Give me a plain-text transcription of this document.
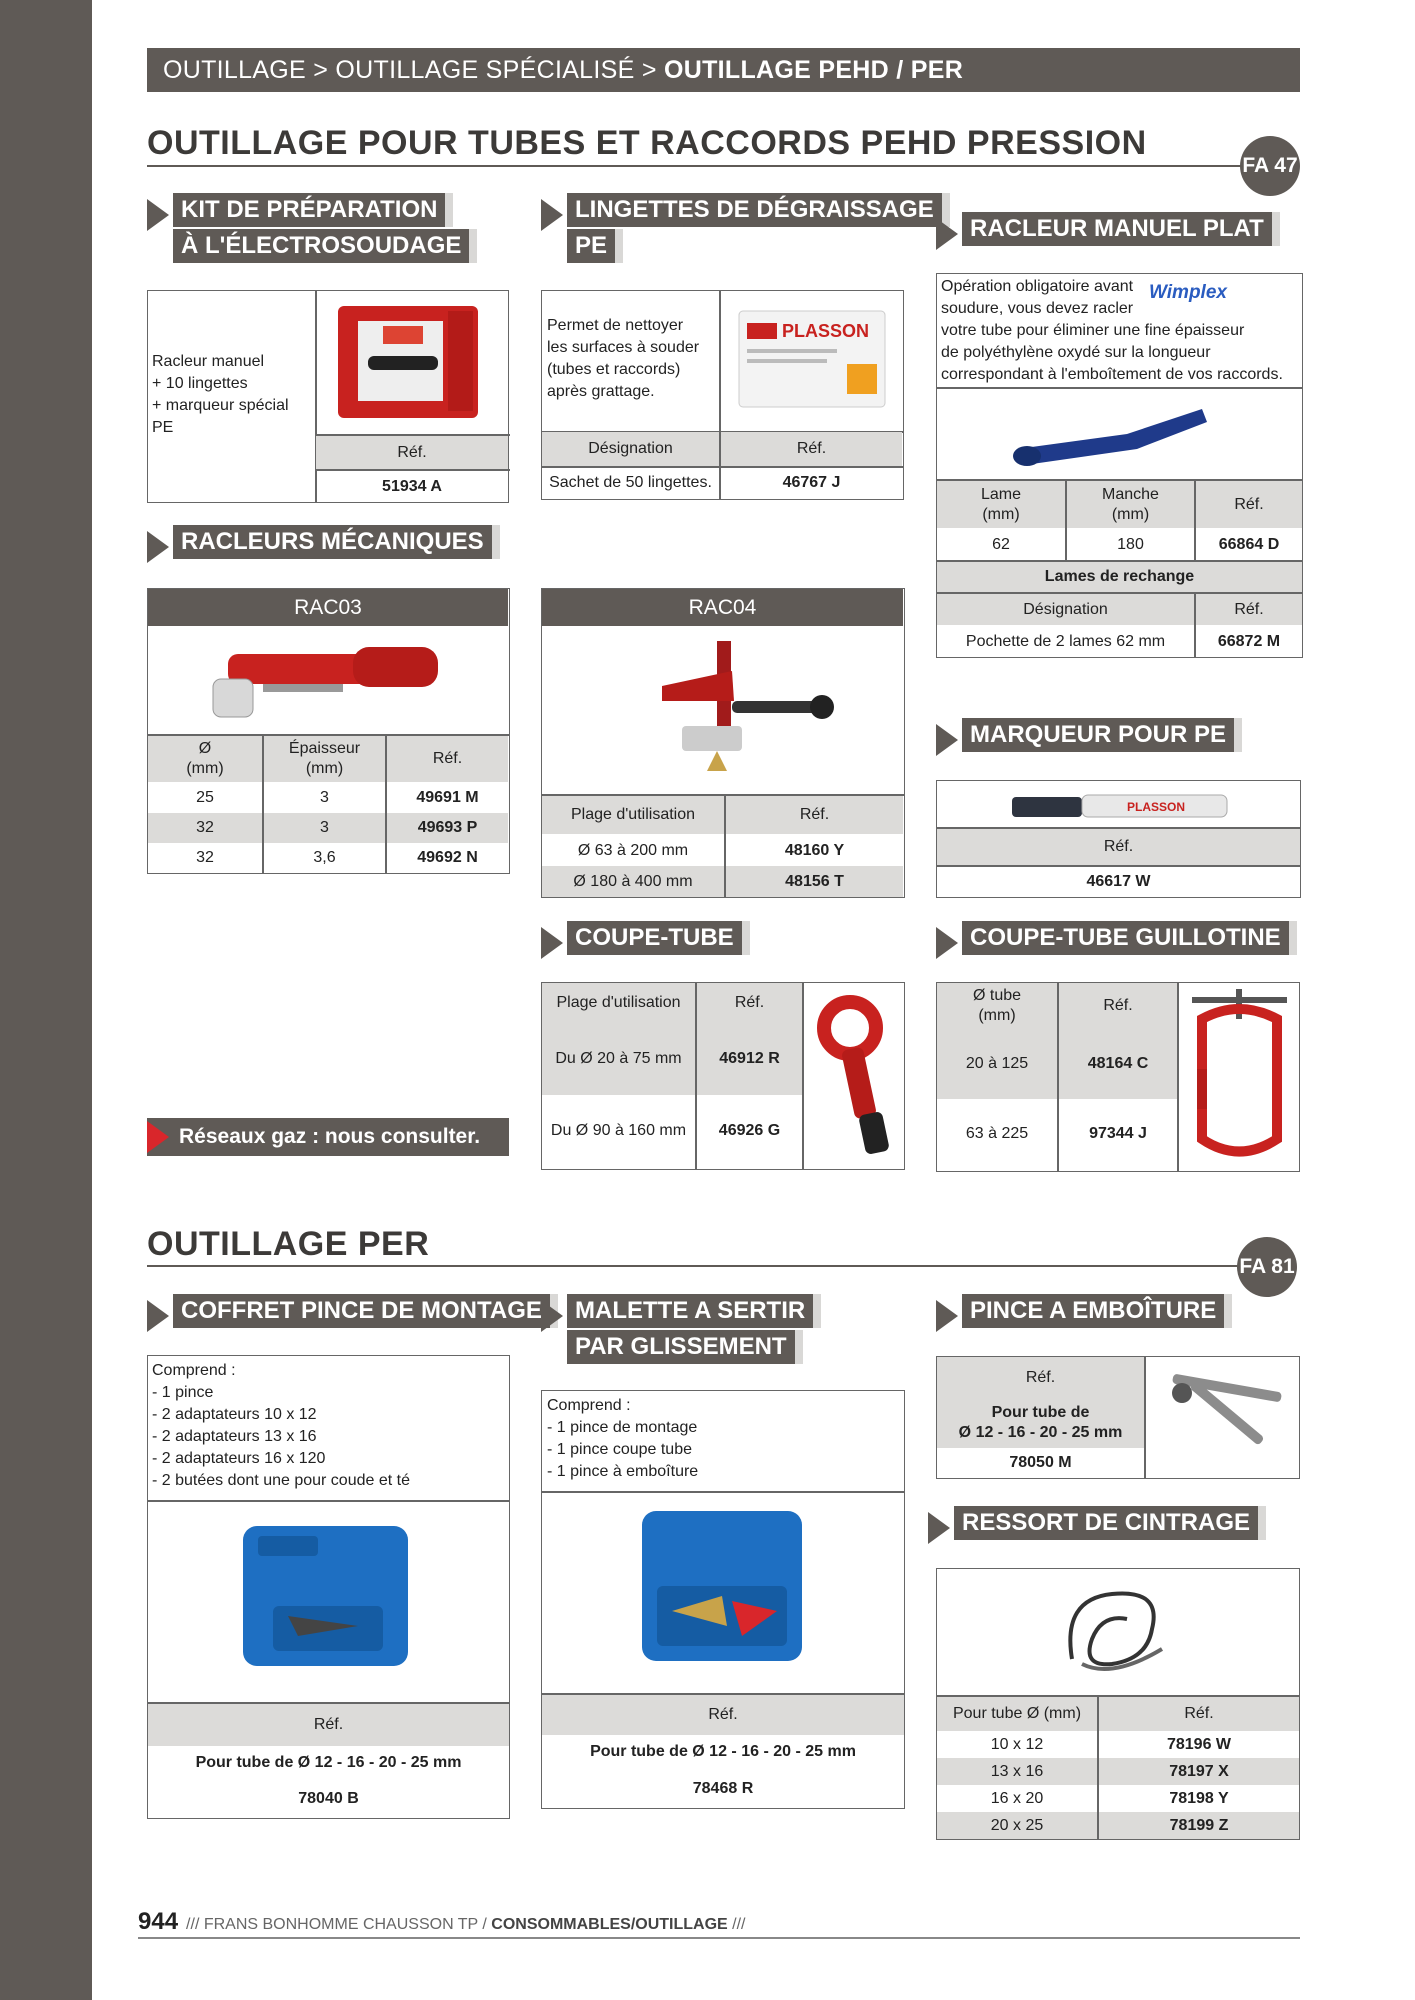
OUTILLAGE > OUTILLAGE SPÉCIALISÉ > OUTILLAGE PEHD / PER
OUTILLAGE POUR TUBES ET RACCORDS PEHD PRESSION
FA 47
KIT DE PRÉPARATION
À L'ÉLECTROSOUDAGE
Racleur manuel
+ 10 lingettes
+ marqueur spécial
PE
Réf.
51934 A
LINGETTES DE DÉGRAISSAGE
PE
Permet de nettoyer
les surfaces à souder
(tubes et raccords)
après grattage.
PLASSON
Désignation	Réf.
Sachet de 50 lingettes.	46767 J
RACLEUR MANUEL PLAT
Opération obligatoire avant
soudure, vous devez racler
votre tube pour éliminer une fine épaisseur
de polyéthylène oxydé sur la longueur
correspondant à l'emboîtement de vos raccords.
Wimplex
Lame
(mm)
Manche
(mm)
Réf.
62	180	66864 D
Lames de rechange
Désignation	Réf.
Pochette de 2 lames 62 mm	66872 M
RACLEURS MÉCANIQUES
RAC03
Ø
(mm)
Épaisseur
(mm)
Réf.
25	3	49691 M
32	3	49693 P
32	3,6	49692 N
RAC04
Plage d'utilisation	Réf.
Ø 63 à 200 mm	48160 Y
Ø 180 à 400 mm	48156 T
MARQUEUR POUR PE
PLASSON
Réf.
46617 W
COUPE-TUBE
Plage d'utilisation	Réf.
Du Ø 20 à 75 mm	46912 R
Du Ø 90 à 160 mm	46926 G
COUPE-TUBE GUILLOTINE
Ø tube
(mm)
Réf.
20 à 125	48164 C
63 à 225	97344 J
Réseaux gaz : nous consulter.
OUTILLAGE PER
FA 81
COFFRET PINCE DE MONTAGE
Comprend :
- 1 pince
- 2 adaptateurs 10 x 12
- 2 adaptateurs 13 x 16
- 2 adaptateurs 16 x 120
- 2 butées dont une pour coude et té
Réf.
Pour tube de Ø 12 - 16 - 20 - 25 mm
78040 B
MALETTE A SERTIR
PAR GLISSEMENT
Comprend :
- 1 pince de montage
- 1 pince coupe tube
- 1 pince à emboîture
Réf.
Pour tube de Ø 12 - 16 - 20 - 25 mm
78468 R
PINCE A EMBOÎTURE
Réf.
Pour tube de
Ø 12 - 16 - 20 - 25 mm
78050 M
RESSORT DE CINTRAGE
Pour tube Ø (mm)	Réf.
10 x 12	78196 W
13 x 16	78197 X
16 x 20	78198 Y
20 x 25	78199 Z
944 /// FRANS BONHOMME CHAUSSON TP / CONSOMMABLES/OUTILLAGE ///
